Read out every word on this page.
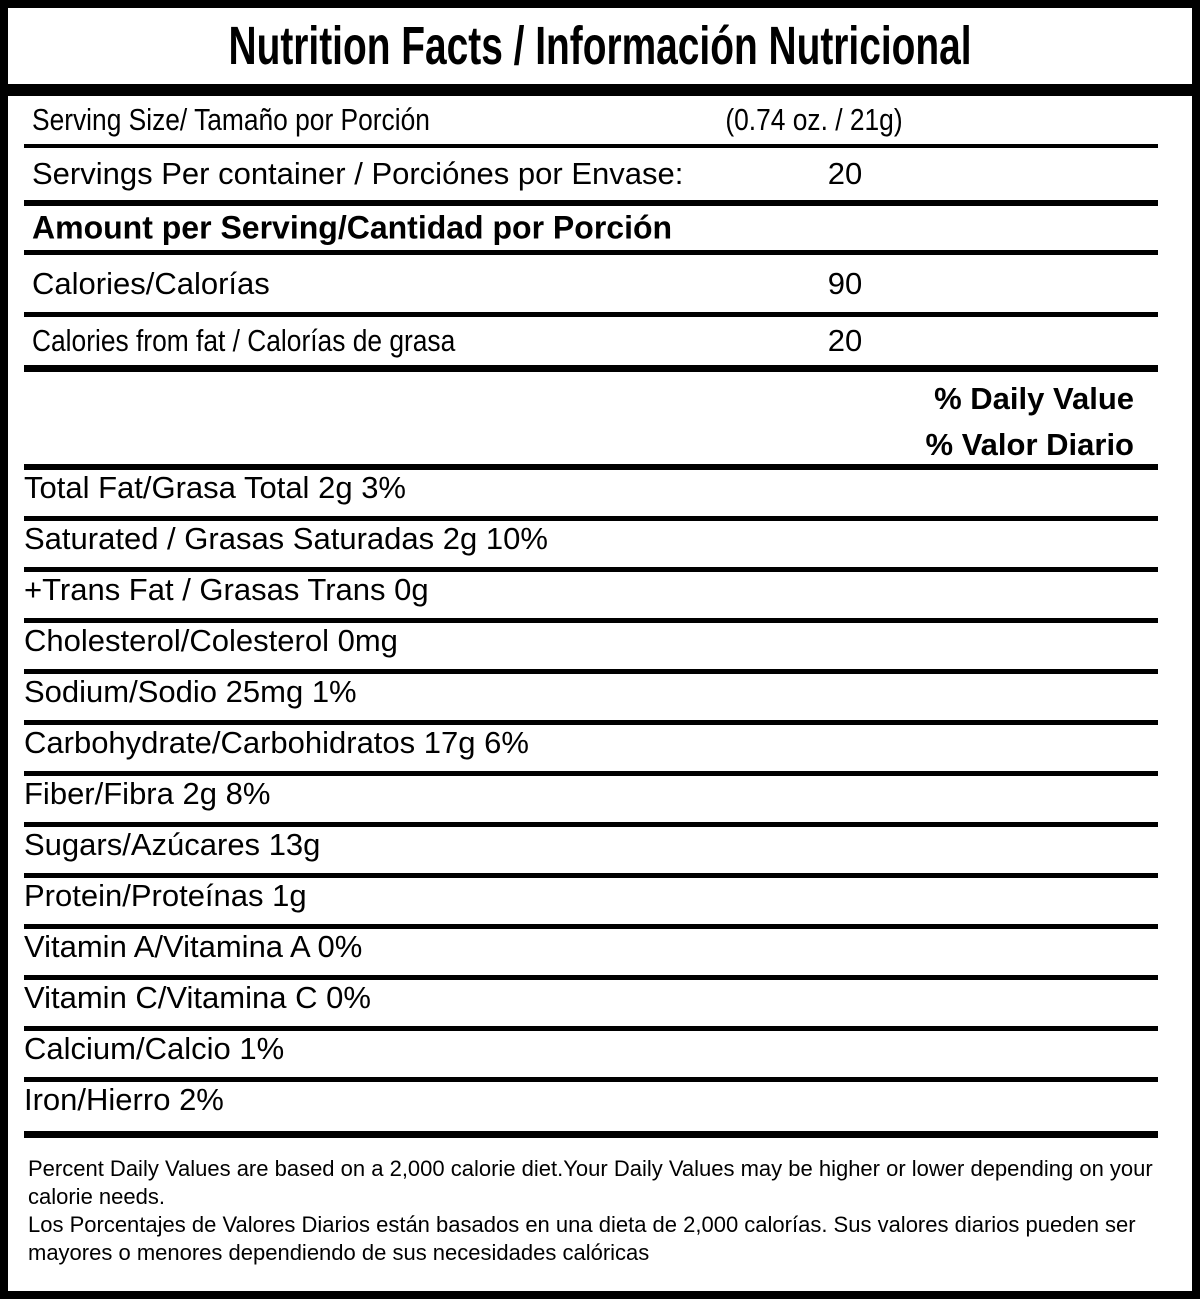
Nutrition Facts / Información Nutricional
Serving Size/ Tamaño por Porción	(0.74 oz. / 21g)
Servings Per container / Porciónes por Envase:	20
Amount per Serving/Cantidad por Porción
Calories/Calorías	90
Calories from fat / Calorías de grasa	20
% Daily Value
% Valor Diario
Total Fat/Grasa Total 2g 3%
Saturated / Grasas Saturadas 2g 10%
+Trans Fat / Grasas Trans 0g
Cholesterol/Colesterol 0mg
Sodium/Sodio 25mg 1%
Carbohydrate/Carbohidratos 17g 6%
Fiber/Fibra 2g 8%
Sugars/Azúcares 13g
Protein/Proteínas 1g
Vitamin A/Vitamina A 0%
Vitamin C/Vitamina C 0%
Calcium/Calcio 1%
Iron/Hierro 2%
Percent Daily Values are based on a 2,000 calorie diet.Your Daily Values may be higher or lower depending on your
calorie needs.
Los Porcentajes de Valores Diarios están basados en una dieta de 2,000 calorías. Sus valores diarios pueden ser
mayores o menores dependiendo de sus necesidades calóricas
